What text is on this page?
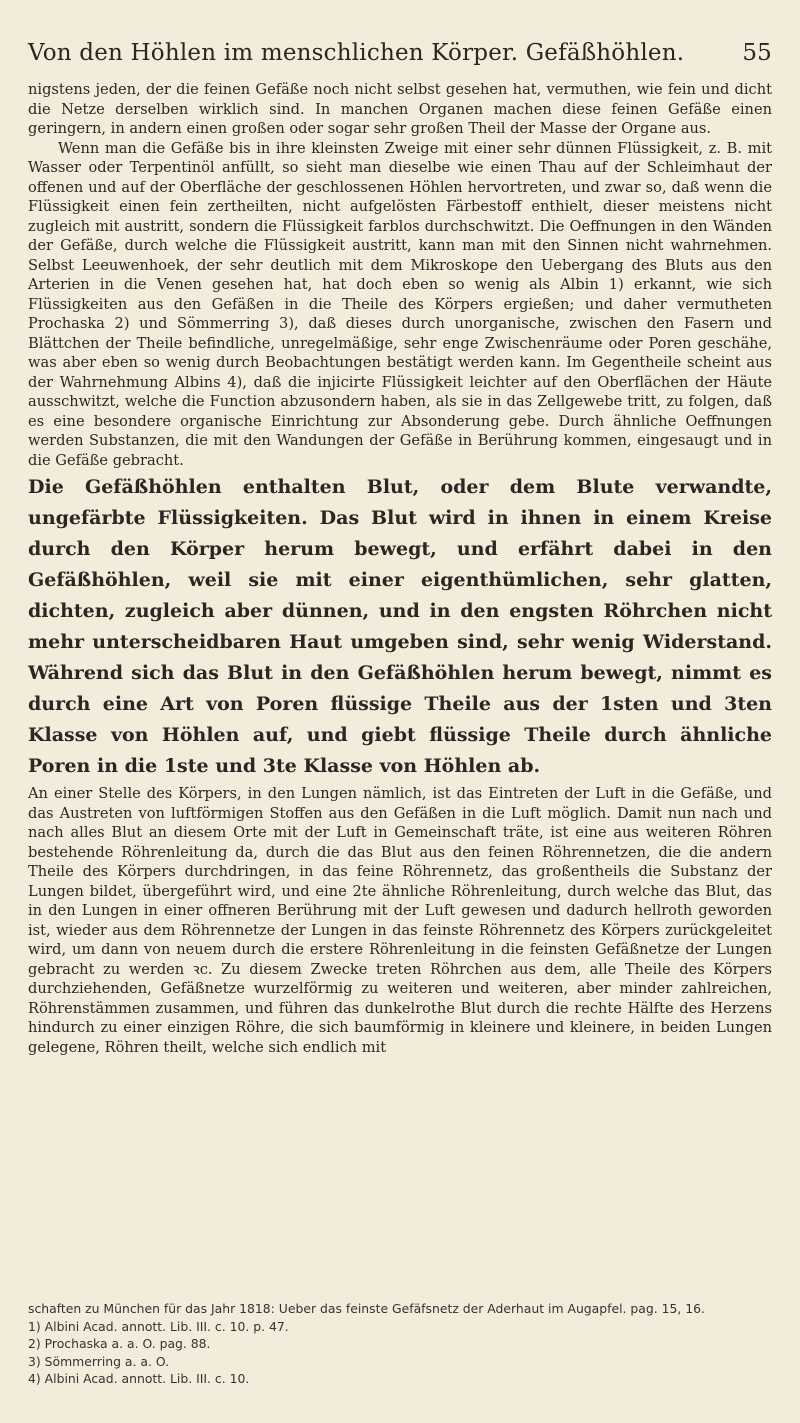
Von den Höhlen im menschlichen Körper. Gefäßhöhlen.	55

nigstens jeden, der die feinen Gefäße noch nicht selbst gesehen hat, vermuthen, wie fein und dicht die Netze derselben wirklich sind. In manchen Organen machen diese feinen Gefäße einen geringern, in andern einen großen oder sogar sehr großen Theil der Masse der Organe aus.

Wenn man die Gefäße bis in ihre kleinsten Zweige mit einer sehr dünnen Flüssigkeit, z. B. mit Wasser oder Terpentinöl anfüllt, so sieht man dieselbe wie einen Thau auf der Schleimhaut der offenen und auf der Oberfläche der geschlossenen Höhlen hervortreten, und zwar so, daß wenn die Flüssigkeit einen fein zertheilten, nicht aufgelösten Färbestoff enthielt, dieser meistens nicht zugleich mit austritt, sondern die Flüssigkeit farblos durchschwitzt. Die Oeffnungen in den Wänden der Gefäße, durch welche die Flüssigkeit austritt, kann man mit den Sinnen nicht wahrnehmen. Selbst Leeuwenhoek, der sehr deutlich mit dem Mikroskope den Uebergang des Bluts aus den Arterien in die Venen gesehen hat, hat doch eben so wenig als Albin 1) erkannt, wie sich Flüssigkeiten aus den Gefäßen in die Theile des Körpers ergießen; und daher vermutheten Prochaska 2) und Sömmerring 3), daß dieses durch unorganische, zwischen den Fasern und Blättchen der Theile befindliche, unregelmäßige, sehr enge Zwischenräume oder Poren geschähe, was aber eben so wenig durch Beobachtungen bestätigt werden kann. Im Gegentheile scheint aus der Wahrnehmung Albins 4), daß die injicirte Flüssigkeit leichter auf den Oberflächen der Häute ausschwitzt, welche die Function abzusondern haben, als sie in das Zellgewebe tritt, zu folgen, daß es eine besondere organische Einrichtung zur Absonderung gebe. Durch ähnliche Oeffnungen werden Substanzen, die mit den Wandungen der Gefäße in Berührung kommen, eingesaugt und in die Gefäße gebracht.

Die Gefäßhöhlen enthalten Blut, oder dem Blute verwandte, ungefärbte Flüssigkeiten. Das Blut wird in ihnen in einem Kreise durch den Körper herum bewegt, und erfährt dabei in den Gefäßhöhlen, weil sie mit einer eigenthümlichen, sehr glatten, dichten, zugleich aber dünnen, und in den engsten Röhrchen nicht mehr unterscheidbaren Haut umgeben sind, sehr wenig Widerstand. Während sich das Blut in den Gefäßhöhlen herum bewegt, nimmt es durch eine Art von Poren flüssige Theile aus der 1sten und 3ten Klasse von Höhlen auf, und giebt flüssige Theile durch ähnliche Poren in die 1ste und 3te Klasse von Höhlen ab.

An einer Stelle des Körpers, in den Lungen nämlich, ist das Eintreten der Luft in die Gefäße, und das Austreten von luftförmigen Stoffen aus den Gefäßen in die Luft möglich. Damit nun nach und nach alles Blut an diesem Orte mit der Luft in Gemeinschaft träte, ist eine aus weiteren Röhren bestehende Röhrenleitung da, durch die das Blut aus den feinen Röhrennetzen, die die andern Theile des Körpers durchdringen, in das feine Röhrennetz, das großentheils die Substanz der Lungen bildet, übergeführt wird, und eine 2te ähnliche Röhrenleitung, durch welche das Blut, das in den Lungen in einer offneren Berührung mit der Luft gewesen und dadurch hellroth geworden ist, wieder aus dem Röhrennetze der Lungen in das feinste Röhrennetz des Körpers zurückgeleitet wird, um dann von neuem durch die erstere Röhrenleitung in die feinsten Gefäßnetze der Lungen gebracht zu werden ꝛc. Zu diesem Zwecke treten Röhrchen aus dem, alle Theile des Körpers durchziehenden, Gefäßnetze wurzelförmig zu weiteren und weiteren, aber minder zahlreichen, Röhrenstämmen zusammen, und führen das dunkelrothe Blut durch die rechte Hälfte des Herzens hindurch zu einer einzigen Röhre, die sich baumförmig in kleinere und kleinere, in beiden Lungen gelegene, Röhren theilt, welche sich endlich mit

schaften zu München für das Jahr 1818: Ueber das feinste Gefäfsnetz der Aderhaut im Augapfel. pag. 15, 16.
1) Albini Acad. annott. Lib. III. c. 10. p. 47.
2) Prochaska a. a. O. pag. 88.
3) Sömmerring a. a. O.
4) Albini Acad. annott. Lib. III. c. 10.
